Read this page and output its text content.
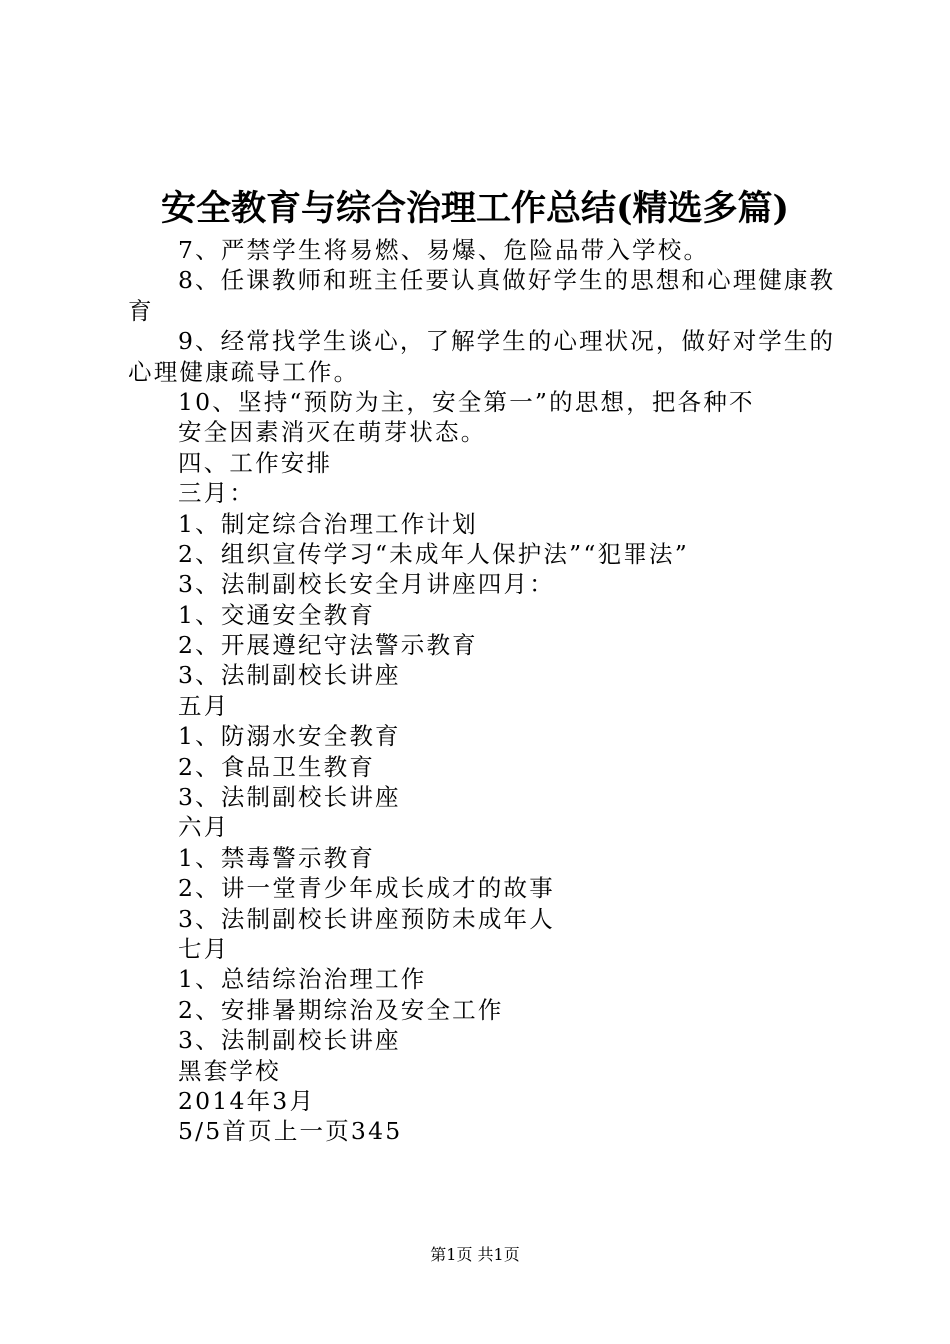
安全教育与综合治理工作总结(精选多篇)
7、严禁学生将易燃、易爆、危险品带入学校。
8、任课教师和班主任要认真做好学生的思想和心理健康教
育
9、经常找学生谈心，了解学生的心理状况，做好对学生的
心理健康疏导工作。
10、坚持“预防为主，安全第一”的思想，把各种不
安全因素消灭在萌芽状态。
四、工作安排
三月：
1、制定综合治理工作计划
2、组织宣传学习“未成年人保护法”“犯罪法”
3、法制副校长安全月讲座四月：
1、交通安全教育
2、开展遵纪守法警示教育
3、法制副校长讲座
五月
1、防溺水安全教育
2、食品卫生教育
3、法制副校长讲座
六月
1、禁毒警示教育
2、讲一堂青少年成长成才的故事
3、法制副校长讲座预防未成年人
七月
1、总结综治治理工作
2、安排暑期综治及安全工作
3、法制副校长讲座
黑套学校
2014年3月
5/5首页上一页345
第1页 共1页
